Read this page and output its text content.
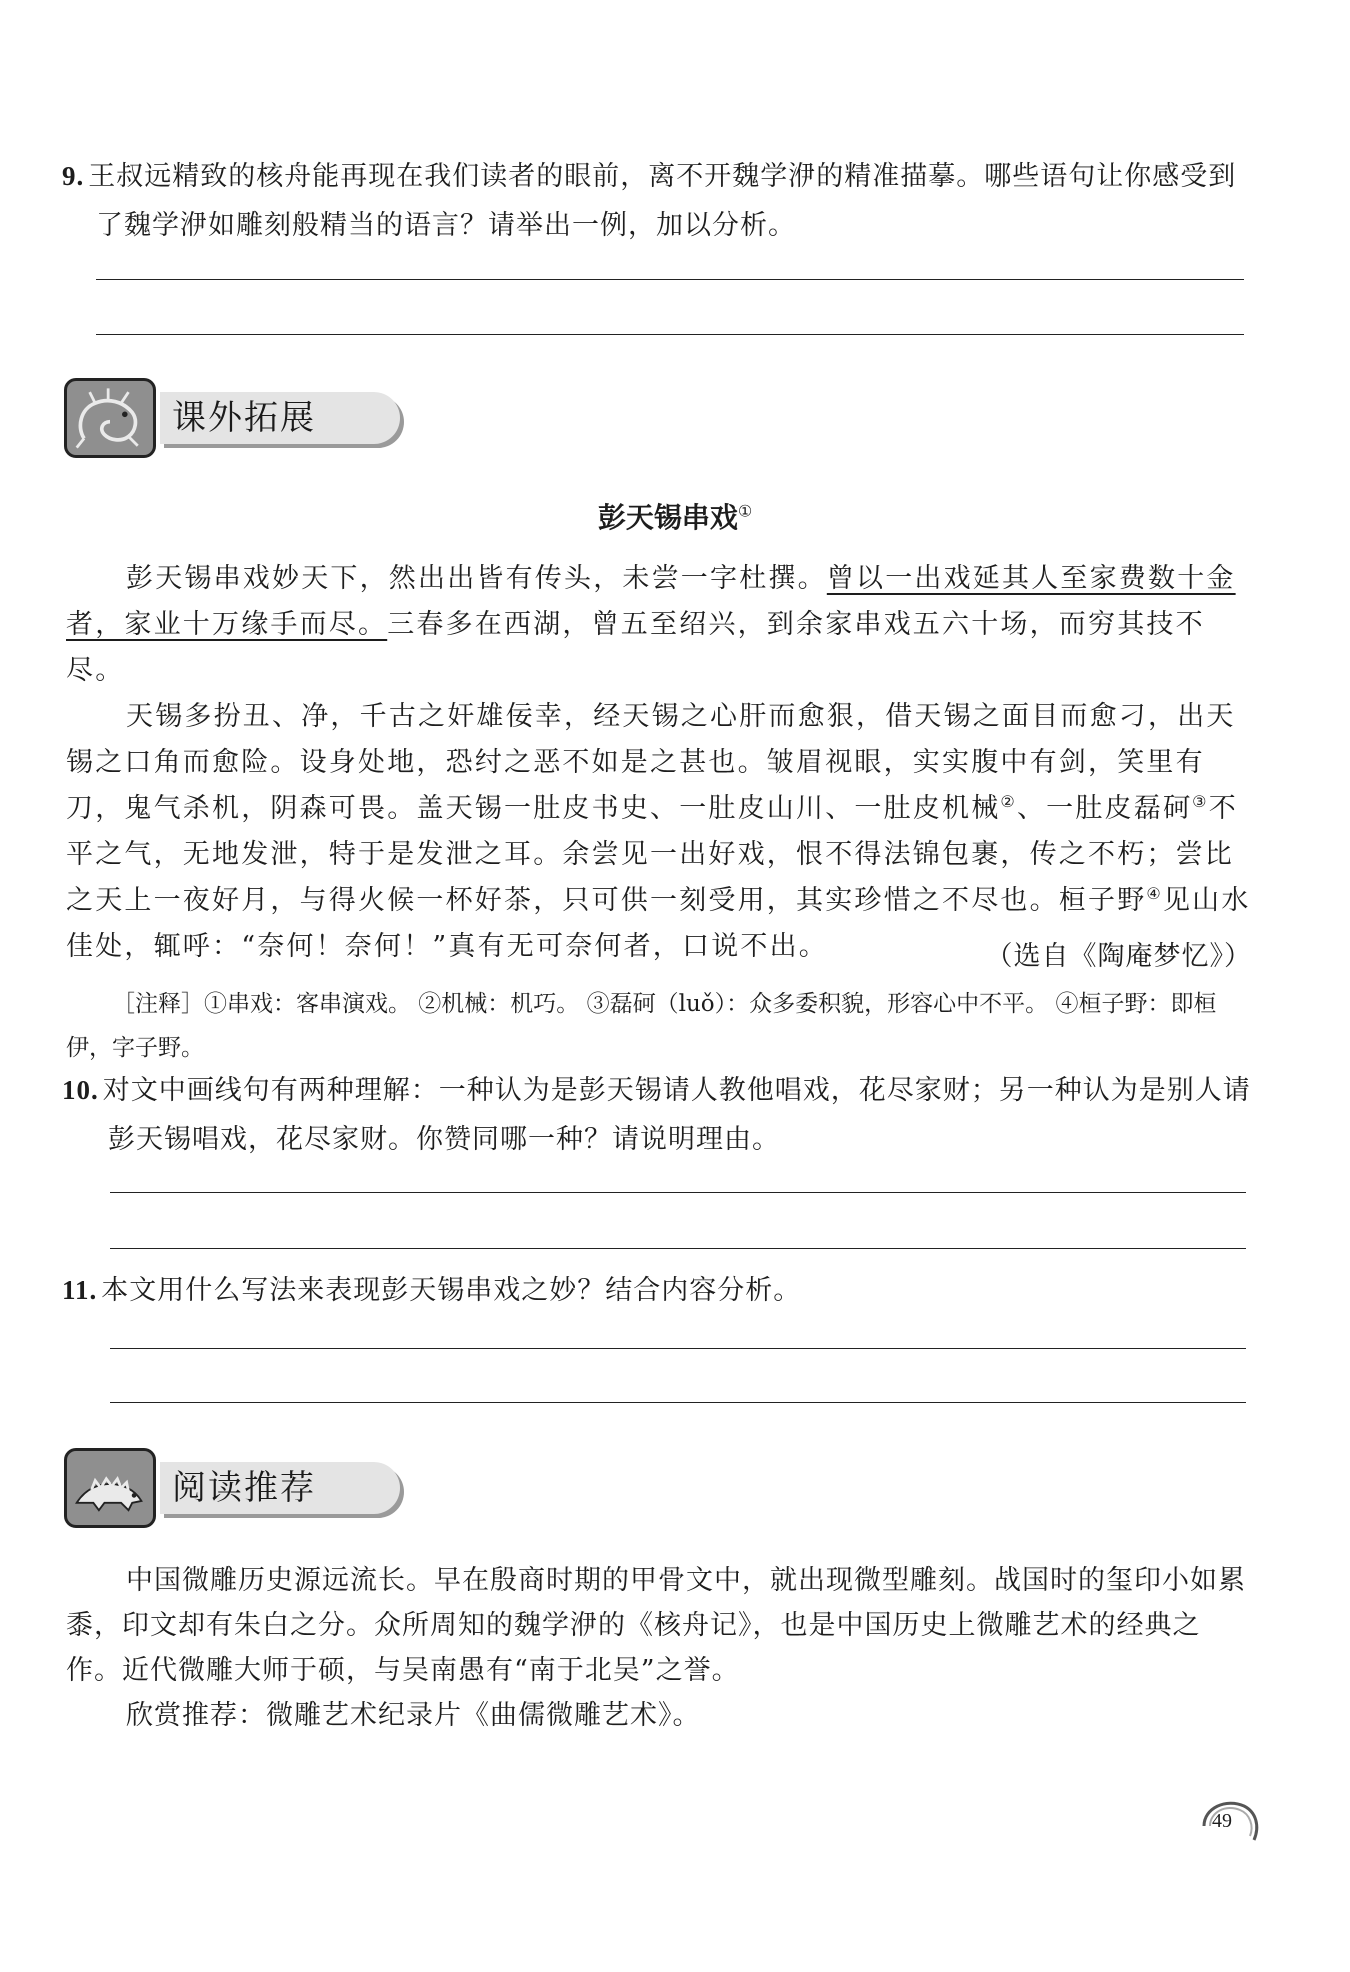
9. 王叔远精致的核舟能再现在我们读者的眼前，离不开魏学洢的精准描摹。哪些语句让你感受到
了魏学洢如雕刻般精当的语言？请举出一例，加以分析。
课外拓展
彭天锡串戏①

彭天锡串戏妙天下，然出出皆有传头，未尝一字杜撰。曾以一出戏延其人至家费数十金者，家业十万缘手而尽。三春多在西湖，曾五至绍兴，到余家串戏五六十场，而穷其技不尽。

天锡多扮丑、净，千古之奸雄佞幸，经天锡之心肝而愈狠，借天锡之面目而愈刁，出天锡之口角而愈险。设身处地，恐纣之恶不如是之甚也。皱眉视眼，实实腹中有剑，笑里有刀，鬼气杀机，阴森可畏。盖天锡一肚皮书史、一肚皮山川、一肚皮机械②、一肚皮磊砢③不平之气，无地发泄，特于是发泄之耳。余尝见一出好戏，恨不得法锦包裹，传之不朽；尝比之天上一夜好月，与得火候一杯好茶，只可供一刻受用，其实珍惜之不尽也。桓子野④见山水佳处，辄呼：“奈何！奈何！”真有无可奈何者，口说不出。	（选自《陶庵梦忆》）
［注释］①串戏：客串演戏。 ②机械：机巧。 ③磊砢（luǒ）：众多委积貌，形容心中不平。 ④桓子野：即桓伊，字子野。
10. 对文中画线句有两种理解：一种认为是彭天锡请人教他唱戏，花尽家财；另一种认为是别人请
彭天锡唱戏，花尽家财。你赞同哪一种？请说明理由。
11. 本文用什么写法来表现彭天锡串戏之妙？结合内容分析。
阅读推荐

中国微雕历史源远流长。早在殷商时期的甲骨文中，就出现微型雕刻。战国时的玺印小如累黍，印文却有朱白之分。众所周知的魏学洢的《核舟记》，也是中国历史上微雕艺术的经典之作。近代微雕大师于硕，与吴南愚有“南于北吴”之誉。

欣赏推荐：微雕艺术纪录片《曲儒微雕艺术》。

49
